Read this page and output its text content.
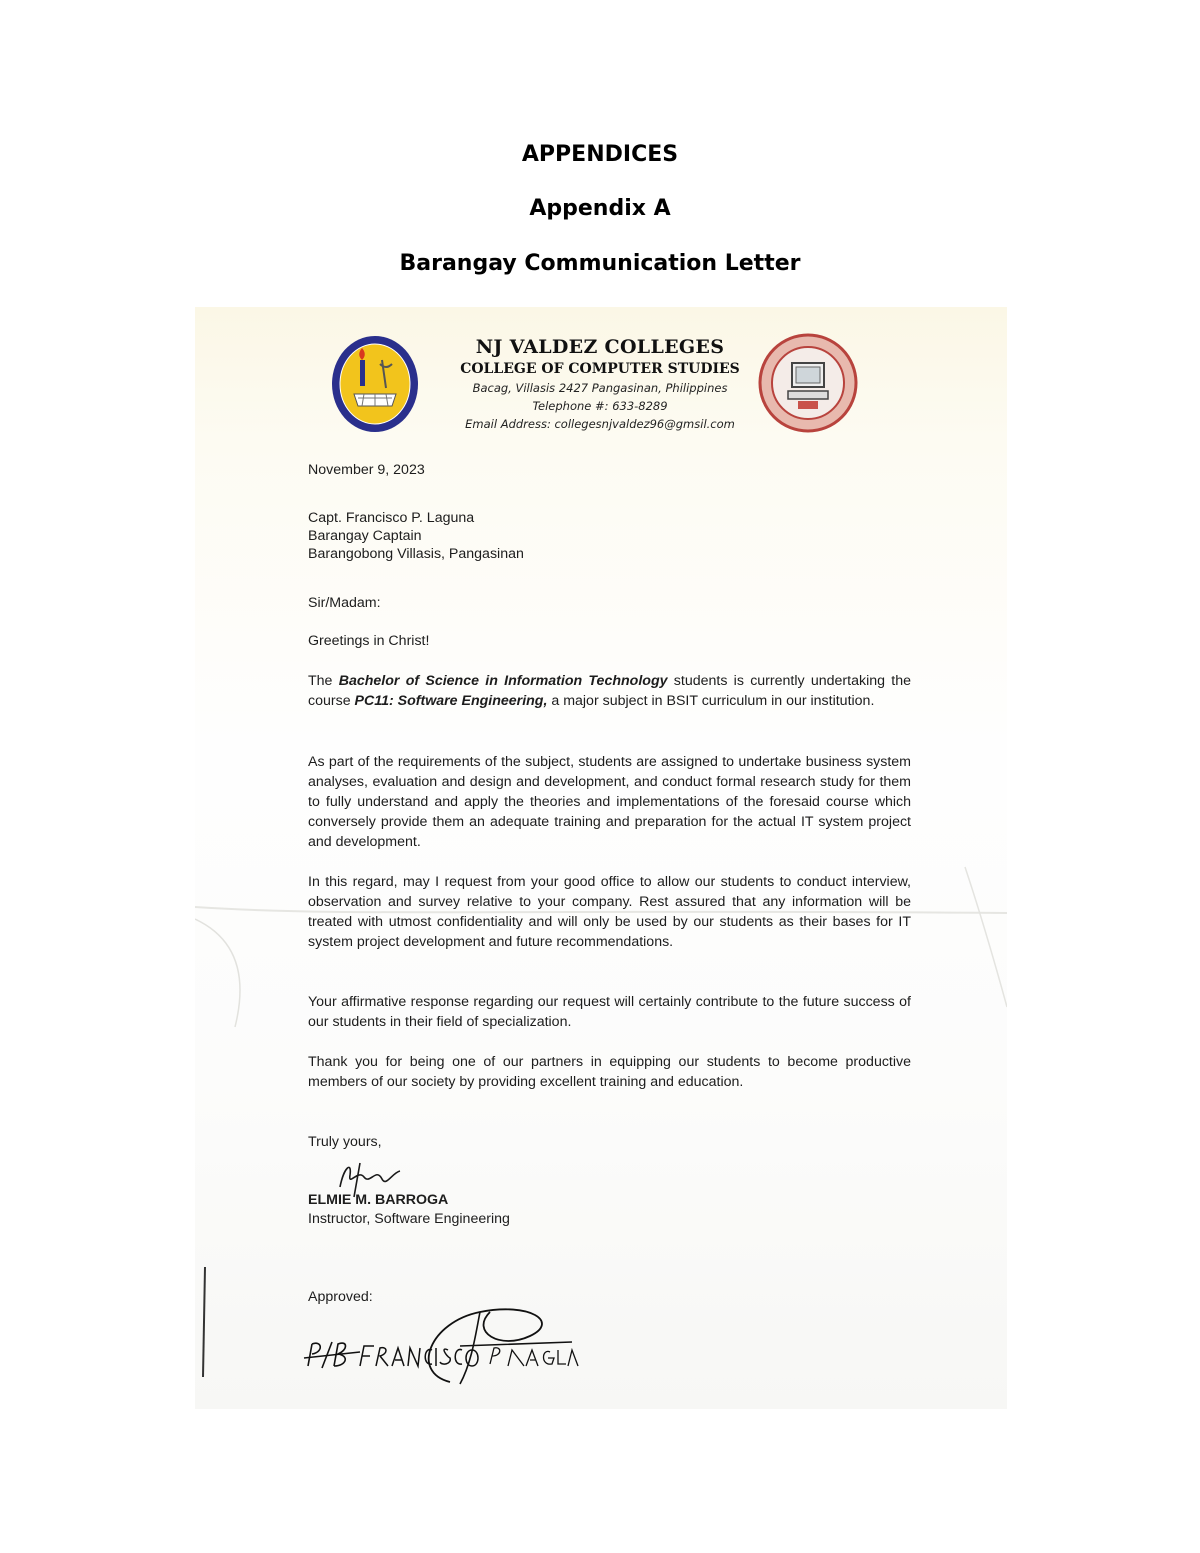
APPENDICES
Appendix A
Barangay Communication Letter
NJ VALDEZ COLLEGES
COLLEGE OF COMPUTER STUDIES
Bacag, Villasis 2427 Pangasinan, Philippines
Telephone #: 633-8289
Email Address: collegesnjvaldez96@gmsil.com
November 9, 2023
Capt. Francisco P. Laguna
Barangay Captain
Barangobong Villasis, Pangasinan
Sir/Madam:
Greetings in Christ!

The Bachelor of Science in Information Technology students is currently undertaking the course PC11: Software Engineering, a major subject in BSIT curriculum in our institution.

As part of the requirements of the subject, students are assigned to undertake business system analyses, evaluation and design and development, and conduct formal research study for them to fully understand and apply the theories and implementations of the foresaid course which conversely provide them an adequate training and preparation for the actual IT system project and development.

In this regard, may I request from your good office to allow our students to conduct interview, observation and survey relative to your company. Rest assured that any information will be treated with utmost confidentiality and will only be used by our students as their bases for IT system project development and future recommendations.

Your affirmative response regarding our request will certainly contribute to the future success of our students in their field of specialization.

Thank you for being one of our partners in equipping our students to become productive members of our society by providing excellent training and education.

Truly yours,
ELMIE M. BARROGA
Instructor, Software Engineering
Approved:
